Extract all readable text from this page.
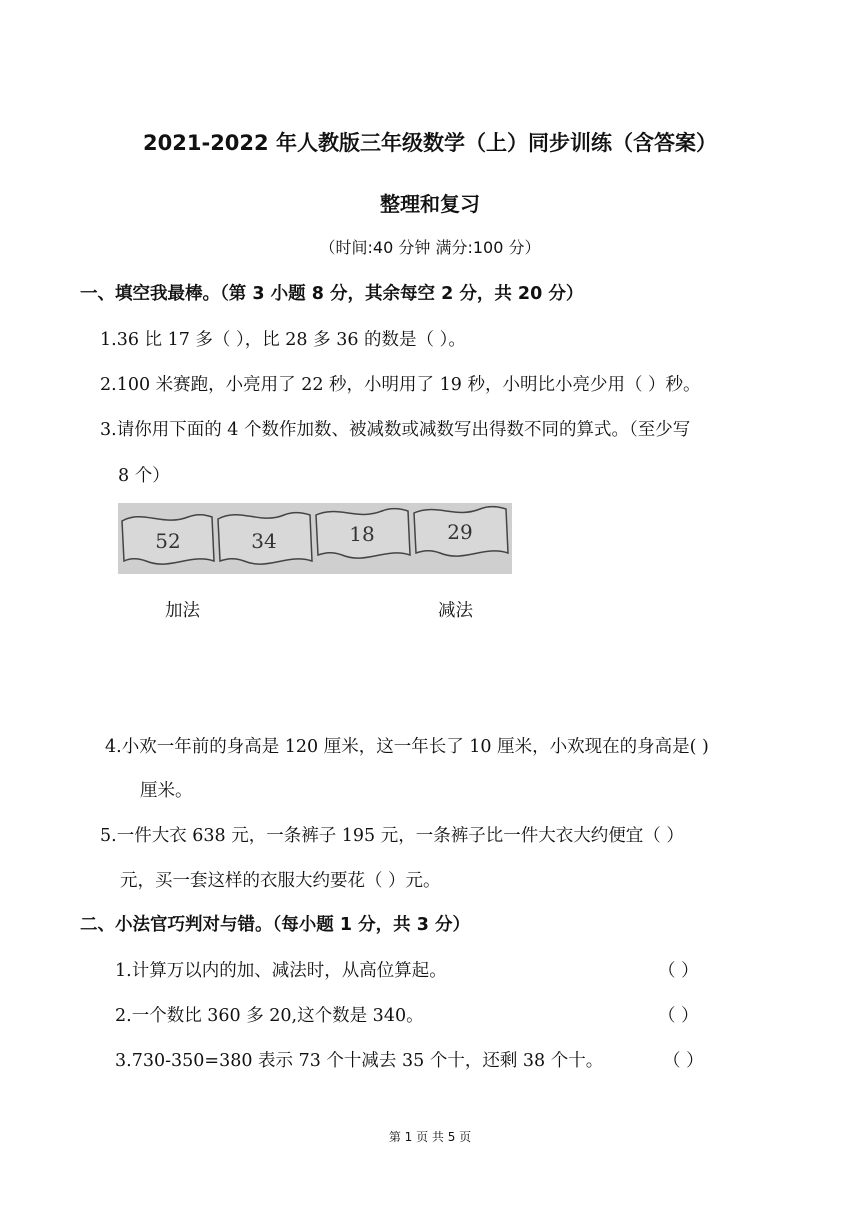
2021-2022 年人教版三年级数学（上）同步训练（含答案）
整理和复习
（时间:40 分钟 满分:100 分）
一、填空我最棒。（第 3 小题 8 分，其余每空 2 分，共 20 分）
1.36 比 17 多（ ），比 28 多 36 的数是（ ）。
2.100 米赛跑，小亮用了 22 秒，小明用了 19 秒，小明比小亮少用（ ）秒。
3.请你用下面的 4 个数作加数、被减数或减数写出得数不同的算式。（至少写
8 个）
52	34	18	29
加法	减法
4.小欢一年前的身高是 120 厘米，这一年长了 10 厘米，小欢现在的身高是( )
厘米。
5.一件大衣 638 元，一条裤子 195 元，一条裤子比一件大衣大约便宜（ ）
元，买一套这样的衣服大约要花（ ）元。
二、小法官巧判对与错。（每小题 1 分，共 3 分）
1.计算万以内的加、减法时，从高位算起。	（ ）
2.一个数比 360 多 20,这个数是 340。	（ ）
3.730-350=380 表示 73 个十减去 35 个十，还剩 38 个十。	（ ）
第 1 页 共 5 页
